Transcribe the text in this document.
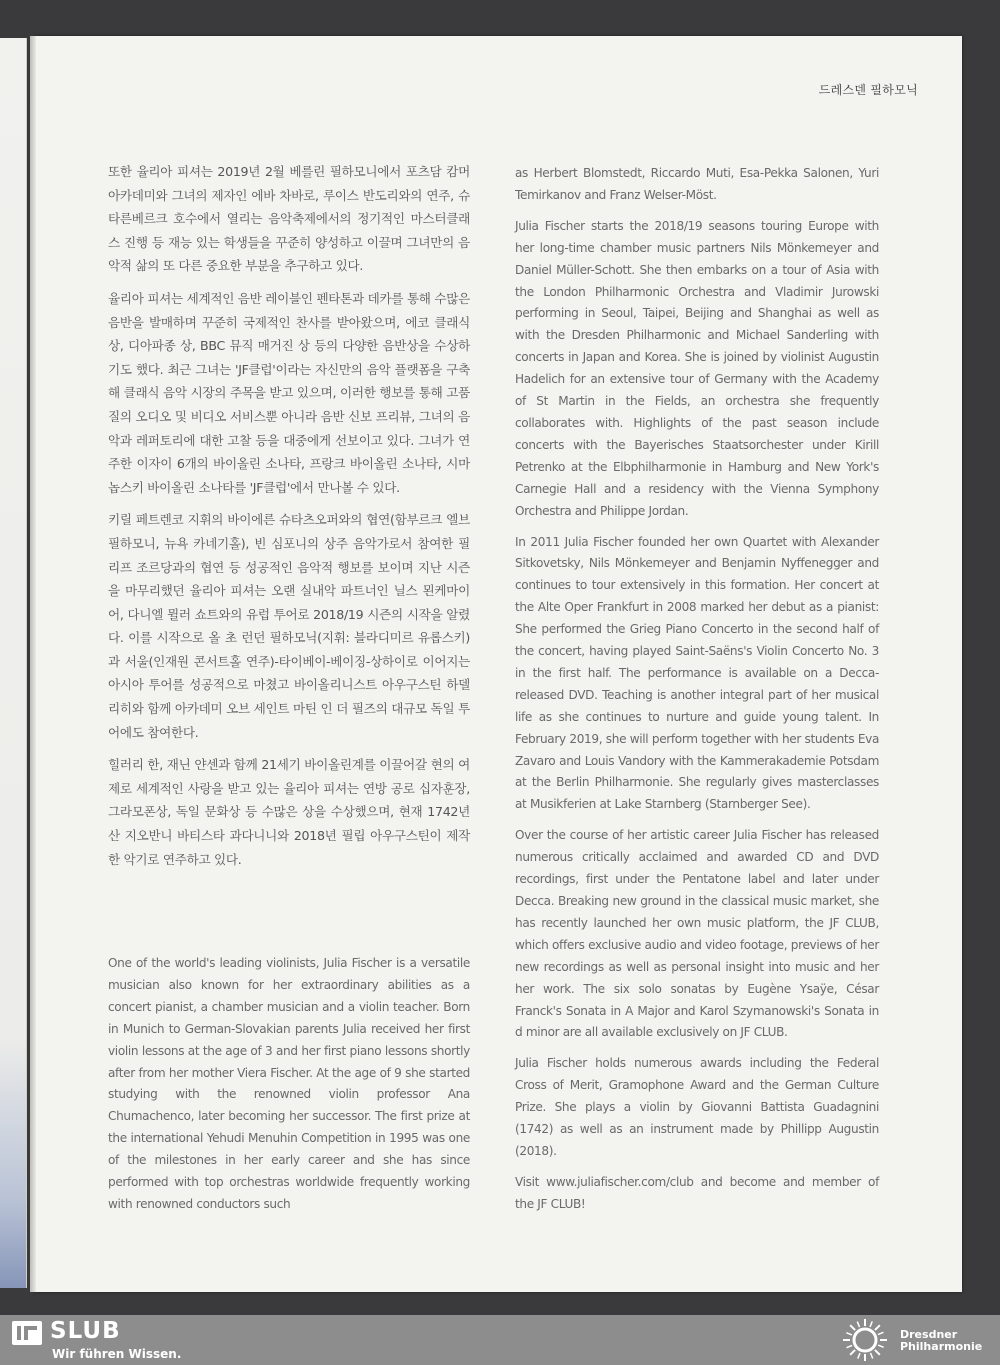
드레스덴 필하모닉

또한 율리아 피셔는 2019년 2월 베를린 필하모니에서 포츠담 캄머 아카데미와 그녀의 제자인 에바 차바로, 루이스 반도리와의 연주, 슈타른베르크 호수에서 열리는 음악축제에서의 정기적인 마스터클래스 진행 등 재능 있는 학생들을 꾸준히 양성하고 이끌며 그녀만의 음악적 삶의 또 다른 중요한 부분을 추구하고 있다.

율리아 피셔는 세계적인 음반 레이블인 펜타톤과 데카를 통해 수많은 음반을 발매하며 꾸준히 국제적인 찬사를 받아왔으며, 에코 클래식 상, 디아파종 상, BBC 뮤직 매거진 상 등의 다양한 음반상을 수상하기도 했다. 최근 그녀는 'JF클럽'이라는 자신만의 음악 플랫폼을 구축해 클래식 음악 시장의 주목을 받고 있으며, 이러한 행보를 통해 고품질의 오디오 및 비디오 서비스뿐 아니라 음반 신보 프리뷰, 그녀의 음악과 레퍼토리에 대한 고찰 등을 대중에게 선보이고 있다. 그녀가 연주한 이자이 6개의 바이올린 소나타, 프랑크 바이올린 소나타, 시마놉스키 바이올린 소나타를 'JF클럽'에서 만나볼 수 있다.

키릴 페트렌코 지휘의 바이에른 슈타츠오퍼와의 협연(함부르크 엘브필하모니, 뉴욕 카네기홀), 빈 심포니의 상주 음악가로서 참여한 필리프 조르당과의 협연 등 성공적인 음악적 행보를 보이며 지난 시즌을 마무리했던 율리아 피셔는 오랜 실내악 파트너인 닐스 묀케마이어, 다니엘 뮐러 쇼트와의 유럽 투어로 2018/19 시즌의 시작을 알렸다. 이를 시작으로 올 초 런던 필하모닉(지휘: 블라디미르 유롭스키)과 서울(인재원 콘서트홀 연주)-타이베이-베이징-상하이로 이어지는 아시아 투어를 성공적으로 마쳤고 바이올리니스트 아우구스틴 하델리히와 함께 아카데미 오브 세인트 마틴 인 더 필즈의 대규모 독일 투어에도 참여한다.

힐러리 한, 재닌 얀센과 함께 21세기 바이올린계를 이끌어갈 현의 여제로 세계적인 사랑을 받고 있는 율리아 피셔는 연방 공로 십자훈장, 그라모폰상, 독일 문화상 등 수많은 상을 수상했으며, 현재 1742년산 지오반니 바티스타 과다니니와 2018년 필립 아우구스틴이 제작한 악기로 연주하고 있다.

One of the world's leading violinists, Julia Fischer is a versatile musician also known for her extraordinary abilities as a concert pianist, a chamber musician and a violin teacher. Born in Munich to German-Slovakian parents Julia received her first violin lessons at the age of 3 and her first piano lessons shortly after from her mother Viera Fischer. At the age of 9 she started studying with the renowned violin professor Ana Chumachenco, later becoming her successor. The first prize at the international Yehudi Menuhin Competition in 1995 was one of the milestones in her early career and she has since performed with top orchestras worldwide frequently working with renowned conductors such

as Herbert Blomstedt, Riccardo Muti, Esa-Pekka Salonen, Yuri Temirkanov and Franz Welser-Möst.

Julia Fischer starts the 2018/19 seasons touring Europe with her long-time chamber music partners Nils Mönkemeyer and Daniel Müller-Schott. She then embarks on a tour of Asia with the London Philharmonic Orchestra and Vladimir Jurowski performing in Seoul, Taipei, Beijing and Shanghai as well as with the Dresden Philharmonic and Michael Sanderling with concerts in Japan and Korea. She is joined by violinist Augustin Hadelich for an extensive tour of Germany with the Academy of St Martin in the Fields, an orchestra she frequently collaborates with. Highlights of the past season include concerts with the Bayerisches Staatsorchester under Kirill Petrenko at the Elbphilharmonie in Hamburg and New York's Carnegie Hall and a residency with the Vienna Symphony Orchestra and Philippe Jordan.

In 2011 Julia Fischer founded her own Quartet with Alexander Sitkovetsky, Nils Mönkemeyer and Benjamin Nyffenegger and continues to tour extensively in this formation. Her concert at the Alte Oper Frankfurt in 2008 marked her debut as a pianist: She performed the Grieg Piano Concerto in the second half of the concert, having played Saint-Saëns's Violin Concerto No. 3 in the first half. The performance is available on a Decca-released DVD. Teaching is another integral part of her musical life as she continues to nurture and guide young talent. In February 2019, she will perform together with her students Eva Zavaro and Louis Vandory with the Kammerakademie Potsdam at the Berlin Philharmonie. She regularly gives masterclasses at Musikferien at Lake Starnberg (Starnberger See).

Over the course of her artistic career Julia Fischer has released numerous critically acclaimed and awarded CD and DVD recordings, first under the Pentatone label and later under Decca. Breaking new ground in the classical music market, she has recently launched her own music platform, the JF CLUB, which offers exclusive audio and video footage, previews of her new recordings as well as personal insight into music and her her work. The six solo sonatas by Eugène Ysaÿe, César Franck's Sonata in A Major and Karol Szymanowski's Sonata in d minor are all available exclusively on JF CLUB.

Julia Fischer holds numerous awards including the Federal Cross of Merit, Gramophone Award and the German Culture Prize. She plays a violin by Giovanni Battista Guadagnini (1742) as well as an instrument made by Phillipp Augustin (2018).

Visit www.juliafischer.com/club and become and member of the JF CLUB!

SLUB
Wir führen Wissen.
Dresdner
Philharmonie
